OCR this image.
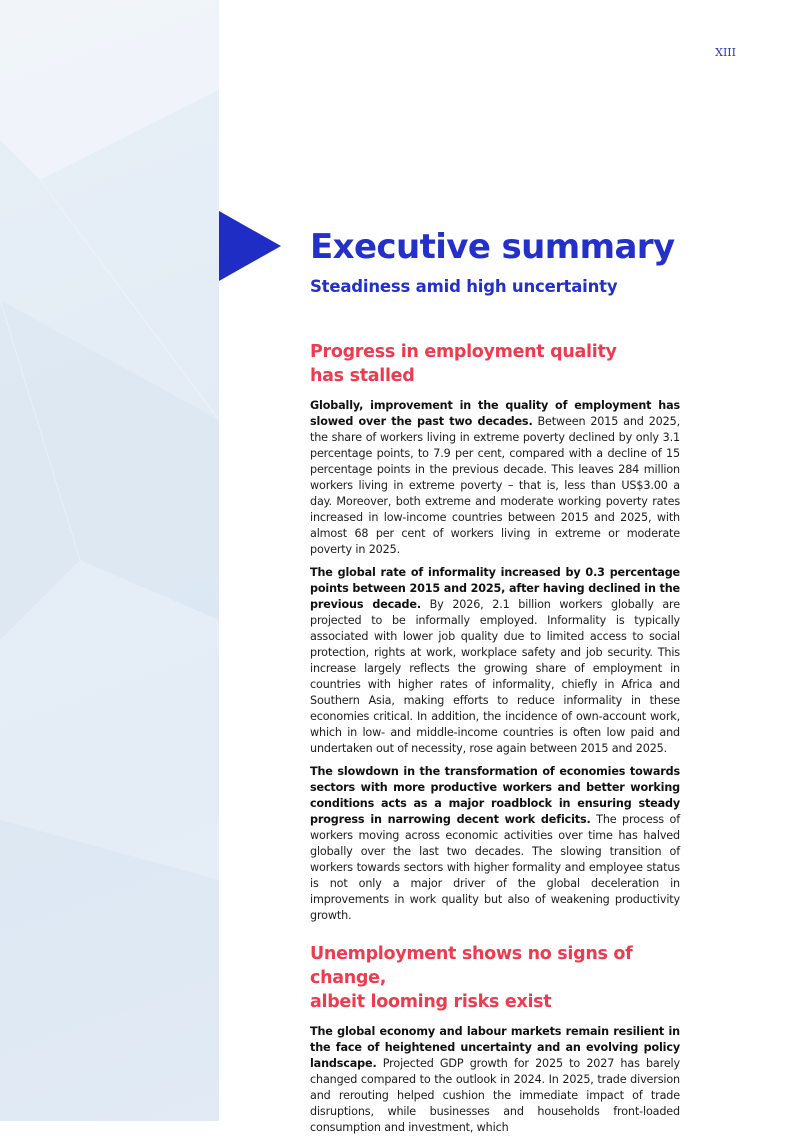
XIII
Executive summary
Steadiness amid high uncertainty
Progress in employment quality
has stalled

Globally, improvement in the quality of employment has slowed over the past two decades. Between 2015 and 2025, the share of workers living in extreme poverty declined by only 3.1 percentage points, to 7.9 per cent, compared with a decline of 15 percentage points in the previous decade. This leaves 284 million workers living in extreme poverty – that is, less than US$3.00 a day. Moreover, both extreme and moderate working poverty rates increased in low-income countries between 2015 and 2025, with almost 68 per cent of workers living in extreme or moderate poverty in 2025.

The global rate of informality increased by 0.3 percentage points between 2015 and 2025, after having declined in the previous decade. By 2026, 2.1 billion workers globally are projected to be informally employed. Informality is typically associated with lower job quality due to limited access to social protection, rights at work, workplace safety and job security. This increase largely reflects the growing share of employment in countries with higher rates of informality, chiefly in Africa and Southern Asia, making efforts to reduce informality in these economies critical. In addition, the incidence of own-account work, which in low- and middle-income countries is often low paid and undertaken out of necessity, rose again between 2015 and 2025.

The slowdown in the transformation of economies towards sectors with more productive workers and better working conditions acts as a major roadblock in ensuring steady progress in narrowing decent work deficits. The process of workers moving across economic activities over time has halved globally over the last two decades. The slowing transition of workers towards sectors with higher formality and employee status is not only a major driver of the global deceleration in improvements in work quality but also of weakening productivity growth.

Unemployment shows no signs of change,
albeit looming risks exist

The global economy and labour markets remain resilient in the face of heightened uncertainty and an evolving policy landscape. Projected GDP growth for 2025 to 2027 has barely changed compared to the outlook in 2024. In 2025, trade diversion and rerouting helped cushion the immediate impact of trade disruptions, while businesses and households front-loaded consumption and investment, which
